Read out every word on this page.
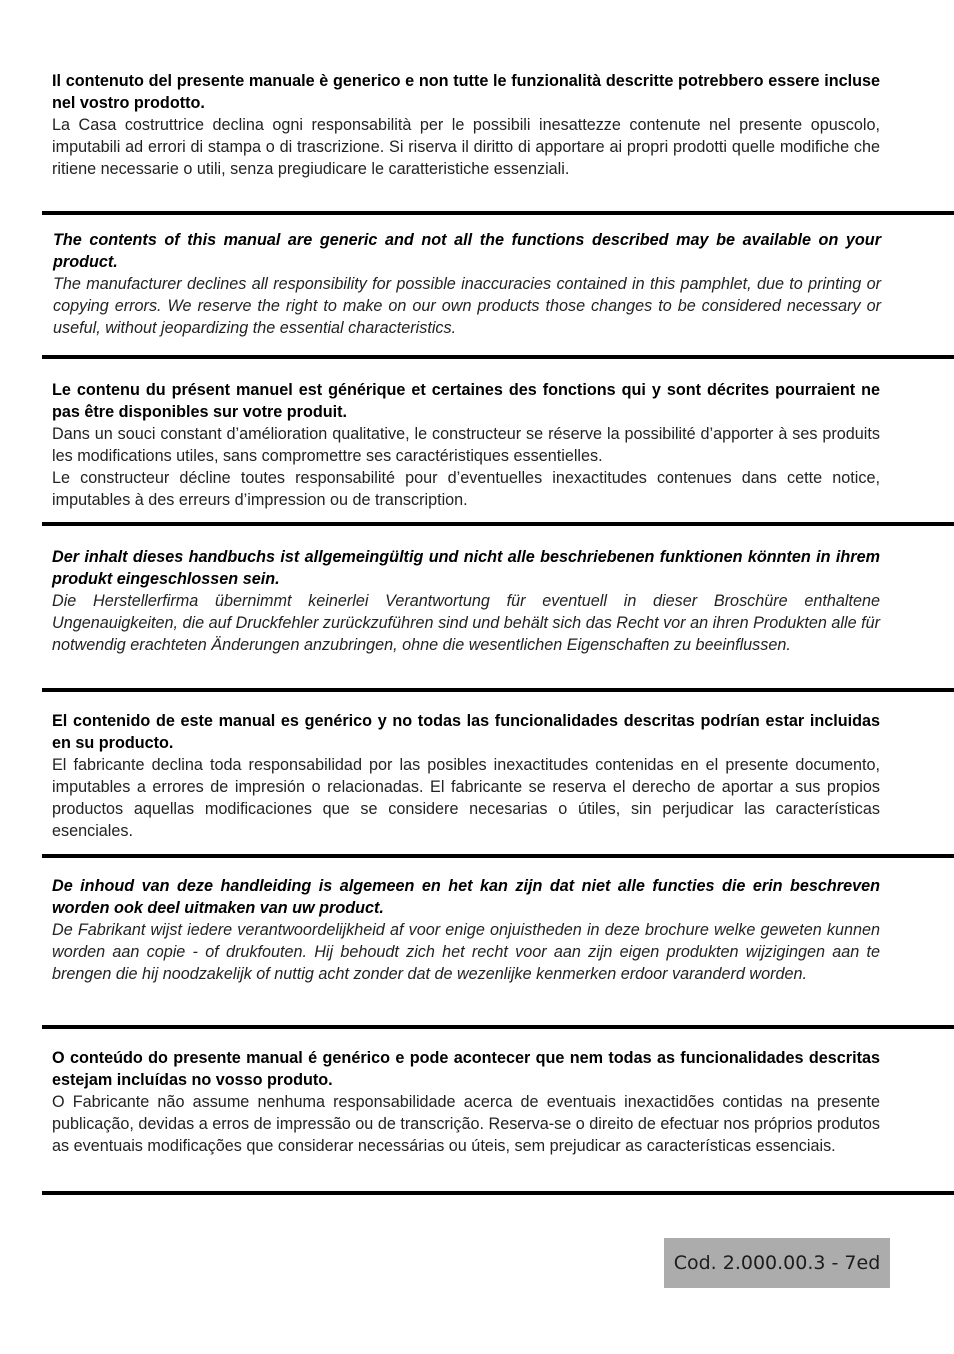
Il contenuto del presente manuale è generico e non tutte le funzionalità descritte potrebbero essere incluse nel vostro prodotto.

La Casa costruttrice declina ogni responsabilità per le possibili inesattezze contenute nel presente opuscolo, imputabili ad errori di stampa o di trascrizione. Si riserva il diritto di apportare ai propri prodotti quelle modifiche che ritiene necessarie o utili, senza pregiudicare le caratteristiche essenziali.

The contents of this manual are generic and not all the functions described may be available on your product.

The manufacturer declines all responsibility for possible inaccuracies contained in this pamphlet, due to printing or copying errors. We reserve the right to make on our own products those changes to be considered necessary or useful, without jeopardizing the essential characteristics.

Le contenu du présent manuel est générique et certaines des fonctions qui y sont décrites pourraient ne pas être disponibles sur votre produit.

Dans un souci constant d’amélioration qualitative, le constructeur se réserve la possibilité d’apporter à ses produits les modifications utiles, sans compromettre ses caractéristiques essentielles.
Le constructeur décline toutes responsabilité pour d’eventuelles inexactitudes contenues dans cette notice, imputables à des erreurs d’impression ou de transcription.

Der inhalt dieses handbuchs ist allgemeingültig und nicht alle beschriebenen funktionen könnten in ihrem produkt eingeschlossen sein.

Die Herstellerfirma übernimmt keinerlei Verantwortung für eventuell in dieser Broschüre enthaltene Ungenauigkeiten, die auf Druckfehler zurückzuführen sind und behält sich das Recht vor an ihren Produkten alle für notwendig erachteten Änderungen anzubringen, ohne die wesentlichen Eigenschaften zu beeinflussen.

El contenido de este manual es genérico y no todas las funcionalidades descritas podrían estar incluidas en su producto.

El fabricante declina toda responsabilidad por las posibles inexactitudes contenidas en el presente documento, imputables a errores de impresión o relacionadas. El fabricante se reserva el derecho de aportar a sus propios productos aquellas modificaciones que se considere necesarias o útiles, sin perjudicar las características esenciales.

De inhoud van deze handleiding is algemeen en het kan zijn dat niet alle functies die erin beschreven worden ook deel uitmaken van uw product.

De Fabrikant wijst iedere verantwoordelijkheid af voor enige onjuistheden in deze brochure welke geweten kunnen worden aan copie - of drukfouten. Hij behoudt zich het recht voor aan zijn eigen produkten wijzigingen aan te brengen die hij noodzakelijk of nuttig acht zonder dat de wezenlijke kenmerken erdoor varanderd worden.

O conteúdo do presente manual é genérico e pode acontecer que nem todas as funcionalidades descritas estejam incluídas no vosso produto.

O Fabricante não assume nenhuma responsabilidade acerca de eventuais inexactidões contidas na presente publicação, devidas a erros de impressão ou de transcrição. Reserva-se o direito de efectuar nos próprios produtos as eventuais modificações que considerar necessárias ou úteis, sem prejudicar as características essenciais.

Cod. 2.000.00.3 - 7ed
